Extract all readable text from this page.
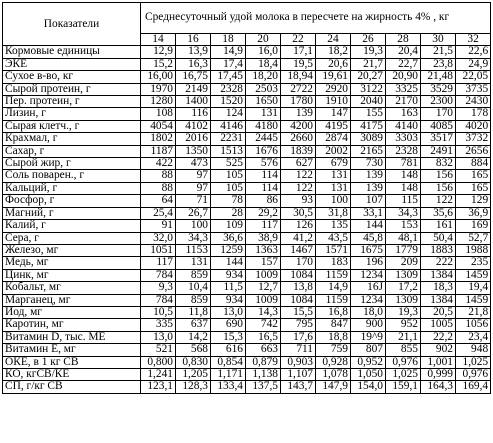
Показатели	Среднесуточный удой молока в пересчете на жирность 4% , кг									
	14	16	18	20	22	24	26	28	30	32
Кормовые единицы	12,9	13,9	14,9	16,0	17,1	18,2	19,3	20,4	21,5	22,6
ЭКЕ	15,2	16,3	17,4	18,4	19,5	20,6	21,7	22,7	23,8	24,9
Сухое в-во, кг	16,00	16,75	17,45	18,20	18,94	19,61	20,27	20,90	21,48	22,05
Сырой протеин, г	1970	2149	2328	2503	2722	2920	3122	3325	3529	3735
Пер. протеин, г	1280	1400	1520	1650	1780	1910	2040	2170	2300	2430
Лизин, г	108	116	124	131	139	147	155	163	170	178
Сырая клетч., г	4054	4102	4146	4180	4200	4195	4175	4140	4085	4020
Крахмал, г	1802	2016	2231	2445	2660	2874	3089	3303	3517	3732
Сахар, г	1187	1350	1513	1676	1839	2002	2165	2328	2491	2656
Сырой жир, г	422	473	525	576	627	679	730	781	832	884
Соль поварен., г	88	97	105	114	122	131	139	148	156	165
Кальций, г	88	97	105	114	122	131	139	148	156	165
Фосфор, г	64	71	78	86	93	100	107	115	122	129
Магний, г	25,4	26,7	28	29,2	30,5	31,8	33,1	34,3	35,6	36,9
Калий, г	91	100	109	117	126	135	144	153	161	169
Сера, г	32,0	34,3	36,6	38,9	41,2	43,5	45,8	48,1	50,4	52,7
Железо, мг	1051	1153	1259	1363	1467	1571	1675	1779	1883	1988
Медь, мг	117	131	144	157	170	183	196	209	222	235
Цинк, мг	784	859	934	1009	1084	1159	1234	1309	1384	1459
Кобальт, мг	9,3	10,4	11,5	12,7	13,8	14,9	16J	17,2	18,3	19,4
Марганец, мг	784	859	934	1009	1084	1159	1234	1309	1384	1459
Иод, мг	10,5	11,8	13,0	14,3	15,5	16,8	18,0	19,3	20,5	21,8
Каротин, мг	335	637	690	742	795	847	900	952	1005	1056
Витамин D, тыс. МЕ	13,0	14,2	15,3	16,5	17,6	18,8	19^9	21,1	22,2	23,4
Витамин Е, мг	521	568	616	663	711	759	807	855	902	948
ОКЕ, в 1 кг СВ	0,800	0,830	0,854	0,879	0,903	0,928	0,952	0,976	1,001	1,025
КО, кгСВ/КЕ	1,241	1,205	1,171	1,138	1,107	1,078	1,050	1,025	0,999	0,976
СП, г/кг СВ	123,1	128,3	133,4	137,5	143,7	147,9	154,0	159,1	164,3	169,4
